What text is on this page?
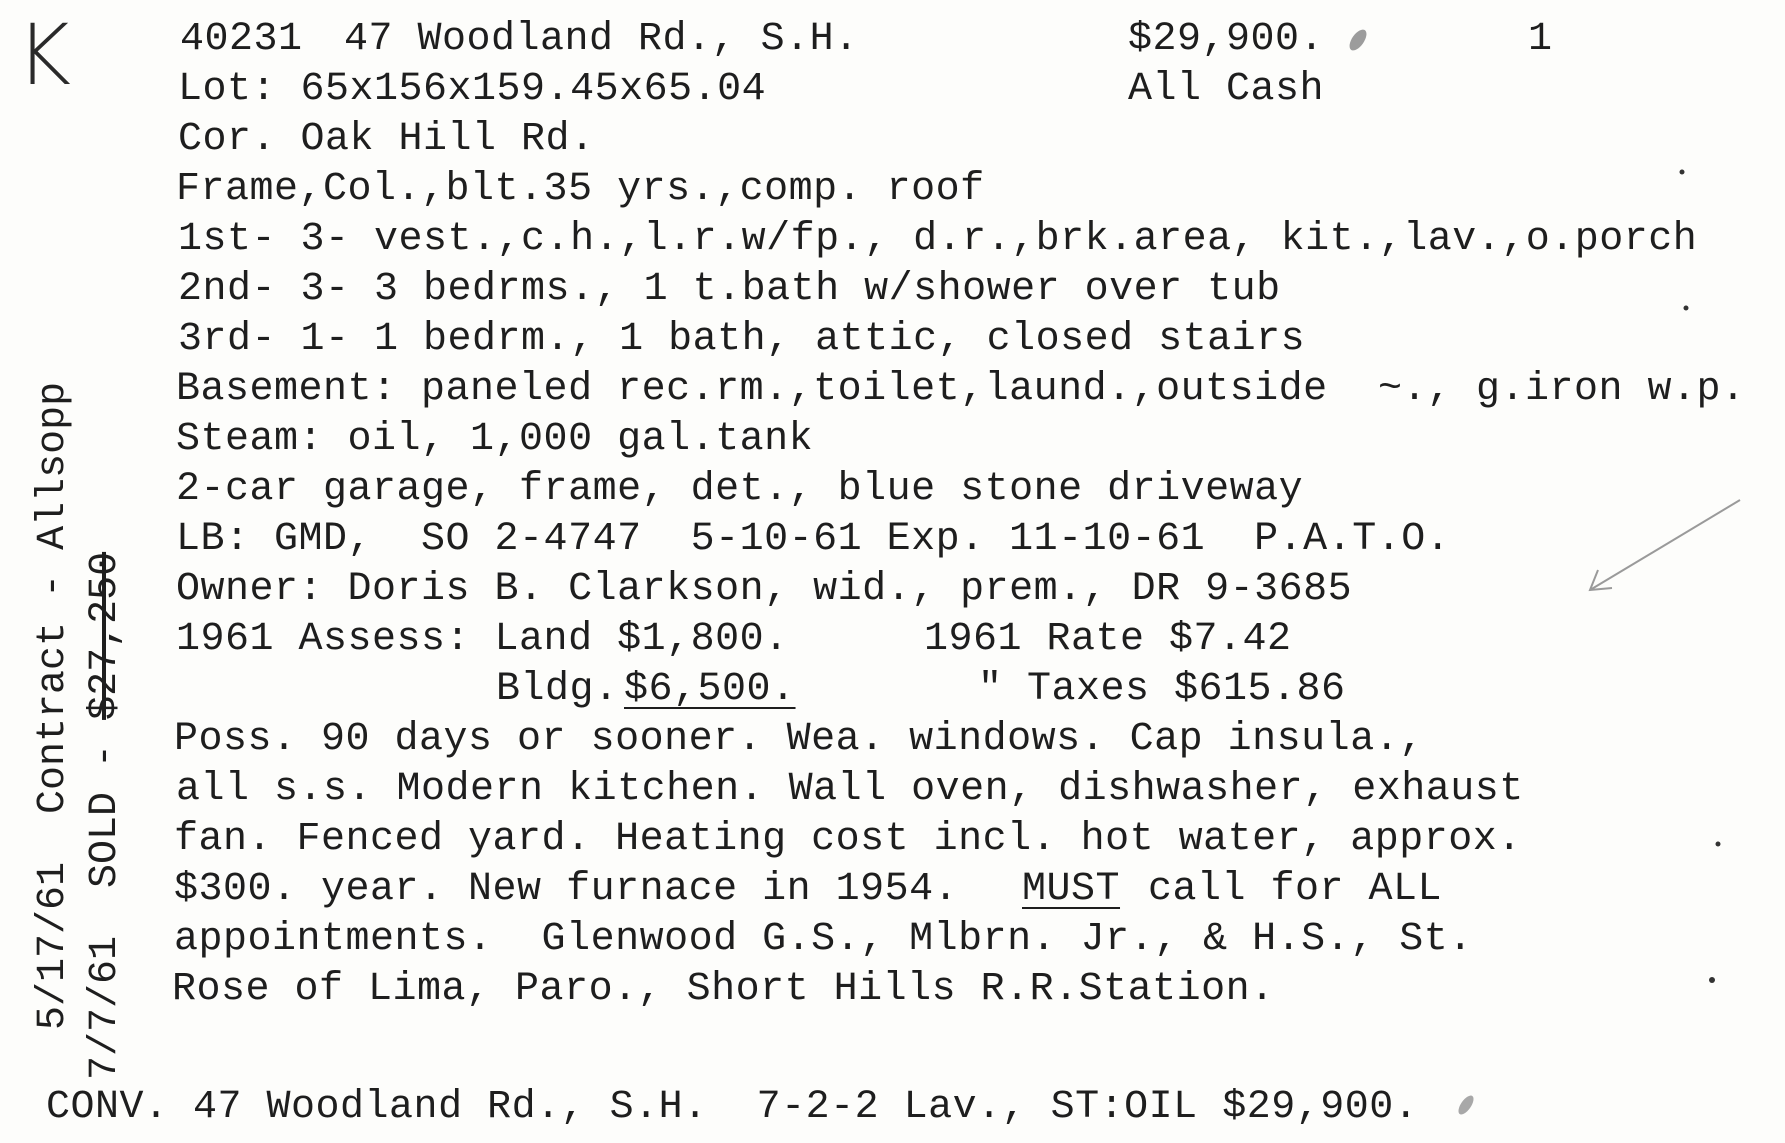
K	40231 47 Woodland Rd., S.H.	$29,900.	1
All Cash
Lot: 65x156x159.45x65.04
Cor. Oak Hill Rd.
Frame,Col.,blt.35 yrs.,comp. roof
1st- 3- vest.,c.h.,l.r.w/fp., d.r.,brk.area, kit.,lav.,o.porch
2nd- 3- 3 bedrms., 1 t.bath w/shower over tub
3rd- 1- 1 bedrm., 1 bath, attic, closed stairs
Basement: paneled rec.rm.,toilet,laund.,outside ~., g.iron w.p.
Steam: oil, 1,000 gal.tank
2-car garage, frame, det., blue stone driveway
LB: GMD,  SO 2-4747  5-10-61 Exp. 11-10-61  P.A.T.O.
Owner: Doris B. Clarkson, wid., prem., DR 9-3685
1961 Assess: Land $1,800.	1961 Rate $7.42
Bldg. $6,500.	" Taxes $615.86
Poss. 90 days or sooner. Wea. windows. Cap insula.,
all s.s. Modern kitchen. Wall oven, dishwasher, exhaust
fan. Fenced yard. Heating cost incl. hot water, approx.
$300. year. New furnace in 1954. MUST call for ALL
appointments.  Glenwood G.S., Mlbrn. Jr., & H.S., St.
Rose of Lima, Paro., Short Hills R.R.Station.
CONV. 47 Woodland Rd., S.H.  7-2-2 Lav., ST:OIL $29,900.
5/17/61  Contract - Allsopp 7/7/61  SOLD - $27,250
